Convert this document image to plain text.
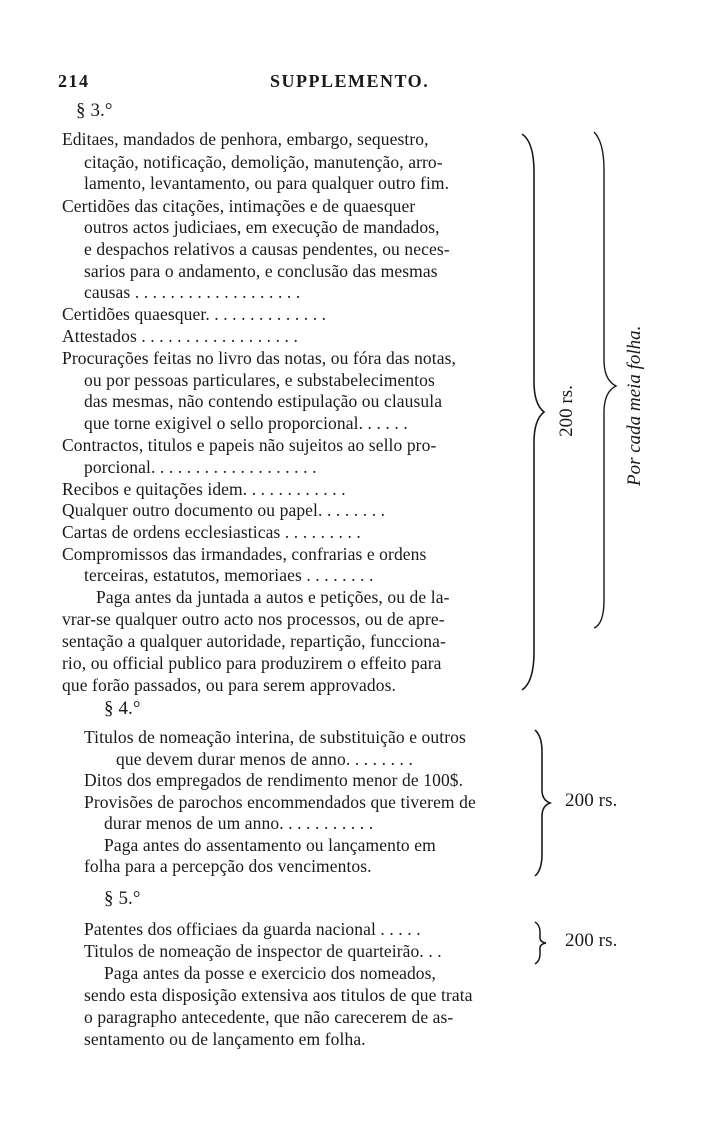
214	SUPPLEMENTO.
§ 3.°
Editaes, mandados de penhora, embargo, sequestro,
citação, notificação, demolição, manutenção, arro-
lamento, levantamento, ou para qualquer outro fim.
Certidões das citações, intimações e de quaesquer
outros actos judiciaes, em execução de mandados,
e despachos relativos a causas pendentes, ou neces-
sarios para o andamento, e conclusão das mesmas
causas . . . . . . . . . . . . . . . . . . .
Certidões quaesquer. . . . . . . . . . . . . .
Attestados . . . . . . . . . . . . . . . . . .
Procurações feitas no livro das notas, ou fóra das notas,
ou por pessoas particulares, e substabelecimentos
das mesmas, não contendo estipulação ou clausula
que torne exigivel o sello proporcional. . . . . .
Contractos, titulos e papeis não sujeitos ao sello pro-
porcional. . . . . . . . . . . . . . . . . . .
Recibos e quitações idem. . . . . . . . . . . .
Qualquer outro documento ou papel. . . . . . . .
Cartas de ordens ecclesiasticas . . . . . . . . .
Compromissos das irmandades, confrarias e ordens
terceiras, estatutos, memoriaes . . . . . . . .
Paga antes da juntada a autos e petições, ou de la-
vrar-se qualquer outro acto nos processos, ou de apre-
sentação a qualquer autoridade, repartição, funcciona-
rio, ou official publico para produzirem o effeito para
que forão passados, ou para serem approvados.
200 rs. Por cada meia folha.
§ 4.°
Titulos de nomeação interina, de substituição e outros
que devem durar menos de anno. . . . . . . .
Ditos dos empregados de rendimento menor de 100$.
Provisões de parochos encommendados que tiverem de
durar menos de um anno. . . . . . . . . . .
Paga antes do assentamento ou lançamento em
folha para a percepção dos vencimentos.
200 rs.
§ 5.°
Patentes dos officiaes da guarda nacional . . . . .
Titulos de nomeação de inspector de quarteirão. . .
Paga antes da posse e exercicio dos nomeados,
sendo esta disposição extensiva aos titulos de que trata
o paragrapho antecedente, que não carecerem de as-
sentamento ou de lançamento em folha.
200 rs.
